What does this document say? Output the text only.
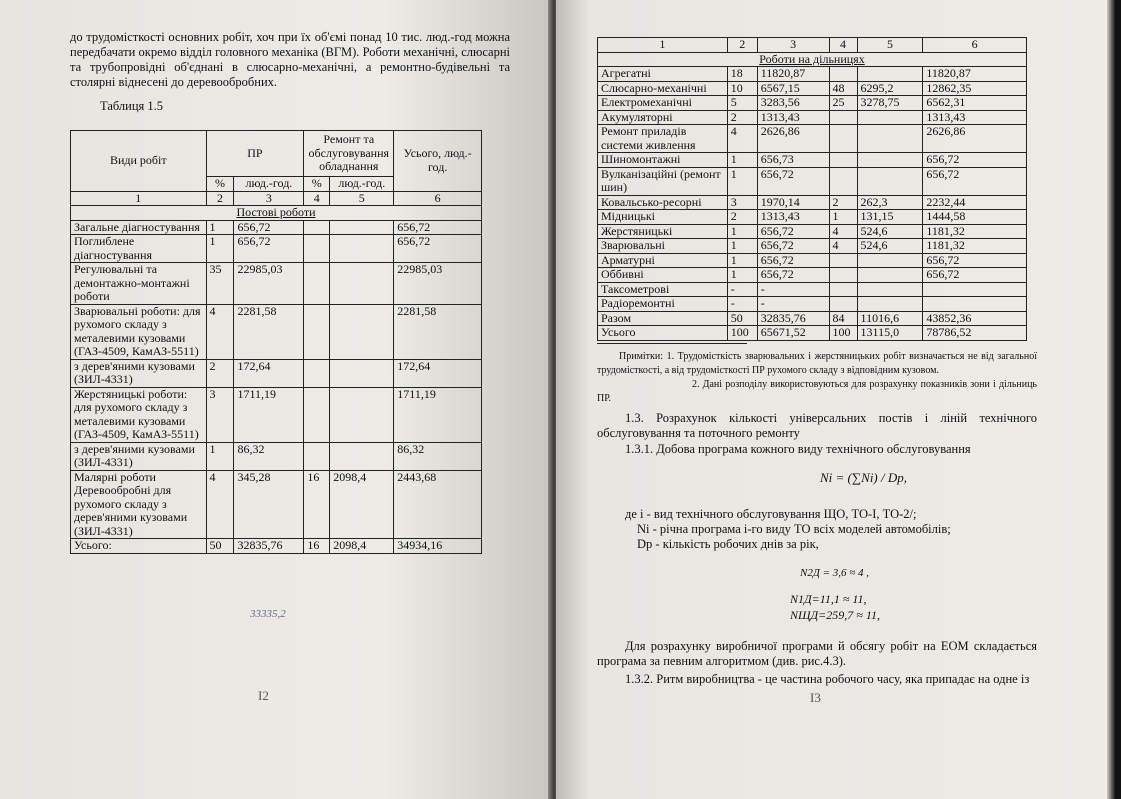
до трудомісткості основних робіт, хоч при їх об'ємі понад 10 тис. люд.-год можна передбачати окремо відділ головного механіка (ВГМ). Роботи механічні, слюсарні та трубопровідні об'єднані в слюсарно-механічні, а ремонтно-будівельні та столярні віднесені до деревообробних.
Таблиця 1.5
Види робіт	ПР		Ремонт та обслуговування обладнання		Усього, люд.-год.
	%	люд.-год.	%	люд.-год.	
1	2	3	4	5	6
Постові роботи					
Загальне діагностування	1	656,72			656,72
Поглиблене діагностування	1	656,72			656,72
Регулювальні та демонтажно-монтажні роботи	35	22985,03			22985,03
Зварювальні роботи: для рухомого складу з металевими кузовами (ГАЗ-4509, КамАЗ-5511)	4	2281,58			2281,58
з дерев'яними кузовами (ЗИЛ-4331)	2	172,64			172,64
Жерстяницькі роботи: для рухомого складу з металевими кузовами (ГАЗ-4509, КамАЗ-5511)	3	1711,19			1711,19
з дерев'яними кузовами (ЗИЛ-4331)	1	86,32			86,32
Малярні роботи Деревообробні для рухомого складу з дерев'яними кузовами (ЗИЛ-4331)	4	345,28	16	2098,4	2443,68
Усього:	50	32835,76	16	2098,4	34934,16
33335,2
I2
1	2	3	4	5	6
Роботи на дільницях					
Агрегатні	18	11820,87			11820,87
Слюсарно-механічні	10	6567,15	48	6295,2	12862,35
Електромеханічні	5	3283,56	25	3278,75	6562,31
Акумуляторні	2	1313,43			1313,43
Ремонт приладів системи живлення	4	2626,86			2626,86
Шиномонтажні	1	656,73			656,72
Вулканізаційні (ремонт шин)	1	656,72			656,72
Ковальсько-ресорні	3	1970,14	2	262,3	2232,44
Мідницькі	2	1313,43	1	131,15	1444,58
Жерстяницькі	1	656,72	4	524,6	1181,32
Зварювальні	1	656,72	4	524,6	1181,32
Арматурні	1	656,72			656,72
Оббивні	1	656,72			656,72
Таксометрові	-	-			
Радіоремонтні	-	-			
Разом	50	32835,76	84	11016,6	43852,36
Усього	100	65671,52	100	13115,0	78786,52

Примітки: 1. Трудомісткість зварювальних і жерстяницьких робіт визначається не від загальної трудомісткості, а від трудомісткості ПР рухомого складу з відповідним кузовом.

2. Дані розподілу використовуються для розрахунку показників зони і дільниць ПР.

1.3. Розрахунок кількості універсальних постів і ліній технічного обслуговування та поточного ремонту
1.3.1. Добова програма кожного виду технічного обслуговування
Ni = (∑Ni) / Dp,
де i - вид технічного обслуговування ЩО, ТО-І, ТО-2/;
Ni - річна програма i-го виду ТО всіх моделей автомобілів;
Dp - кількість робочих днів за рік,
N2Д = 3,6 ≈ 4 ,
N1Д=11,1 ≈ 11,
NЩД=259,7 ≈ 11,
Для розрахунку виробничої програми й обсягу робіт на ЕОМ складається програма за певним алгоритмом (див. рис.4.3).
1.3.2. Ритм виробництва - це частина робочого часу, яка припадає на одне із
I3
